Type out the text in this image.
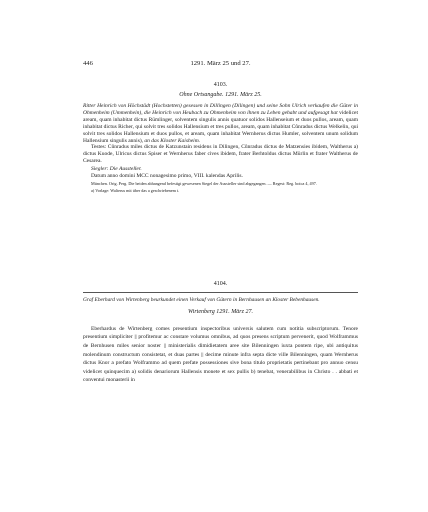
446	1291. März 25 und 27.
4103.
Ohne Ortsangabe. 1291. März 25.

Ritter Heinrich von Höchstädt (Hochstetten) gesessen in Dillingen (Dilingen) und seine Sohn Ulrich verkaufen die Güter in Ohmenheim (Ummenhein), die Heinrich von Heubach zu Ohmenheim von ihnen zu Leben gehabt und aufgesagt hat videlicet aream, quam inhabitat dictus Rümlinger, solventem singulis annis quatuor solidos Hallenseium et duos pullos, aream, quam inhabitat dictus Richer, qui solvit tres solidos Hallensium et tres pullos, aream, quam inhabitat Cůnradus dictus Welkelin, qui solvit tres solidos Hallensium et duos pullos, et aream, quam inhabitat Wernherus dictus Humler, solventem unum solidum Hallensium singulis annis), an das Kloster Kaisheim.

Testes: Cůnradus miles dictus de Katzunstain residens in Dilingen, Cůnradus dictus de Matzensies ibidem, Waltherus a) dictus Kuode, Ulricus dictus Spiser et Wernherus faber cives ibidem, frater Berhtoldus dictus Mürlin et frater Waltherus de Cesarea.

Siegler: Die Aussteller.

Datum anno domini MCC nonagesimo primo, VIII. kalendas Aprilis.

München. Orig. Perg. Die beiden abhangend befestigt gewesenen Siegel der Aussteller sind abgegangen. — Regest: Reg. boica 4, 497.

a) Vorlage: Walterus mit über das a geschriebenem t.

4104.

Graf Eberhard von Wirtenberg beurkundet einen Verkauf von Gütern in Bernhausen an Kloster Bebenhausen.

Wirtenberg 1291. März 27.

Eberhardus de Wirtenberg comes presentium inspectoribus universis salutem cum notitia subscriptorum. Tenore presentium simpliciter || profitemur ac constare volumus omnibus, ad quos presens scriptum pervenerit, quod Wolframmus de Bernhusen miles senior noster || ministerialis dimidietatem aree site Bilenningen iuxta pontem ripe, ubi antiquitus molendinum constructum consistetat, et duas partes || decime minute infra septa dicte ville Bilenningen, quam Wernherus dictus Knor a prefato Wolframmo ad quem prefate possessiones sive bona titulo proprietatis pertinebant pro annuo censu videlicet quinquecim a) solidis denariorum Hallensis monete et sex pullis b) tenebat, venerabilibus in Christo . . abbati et conventui monasterii in
